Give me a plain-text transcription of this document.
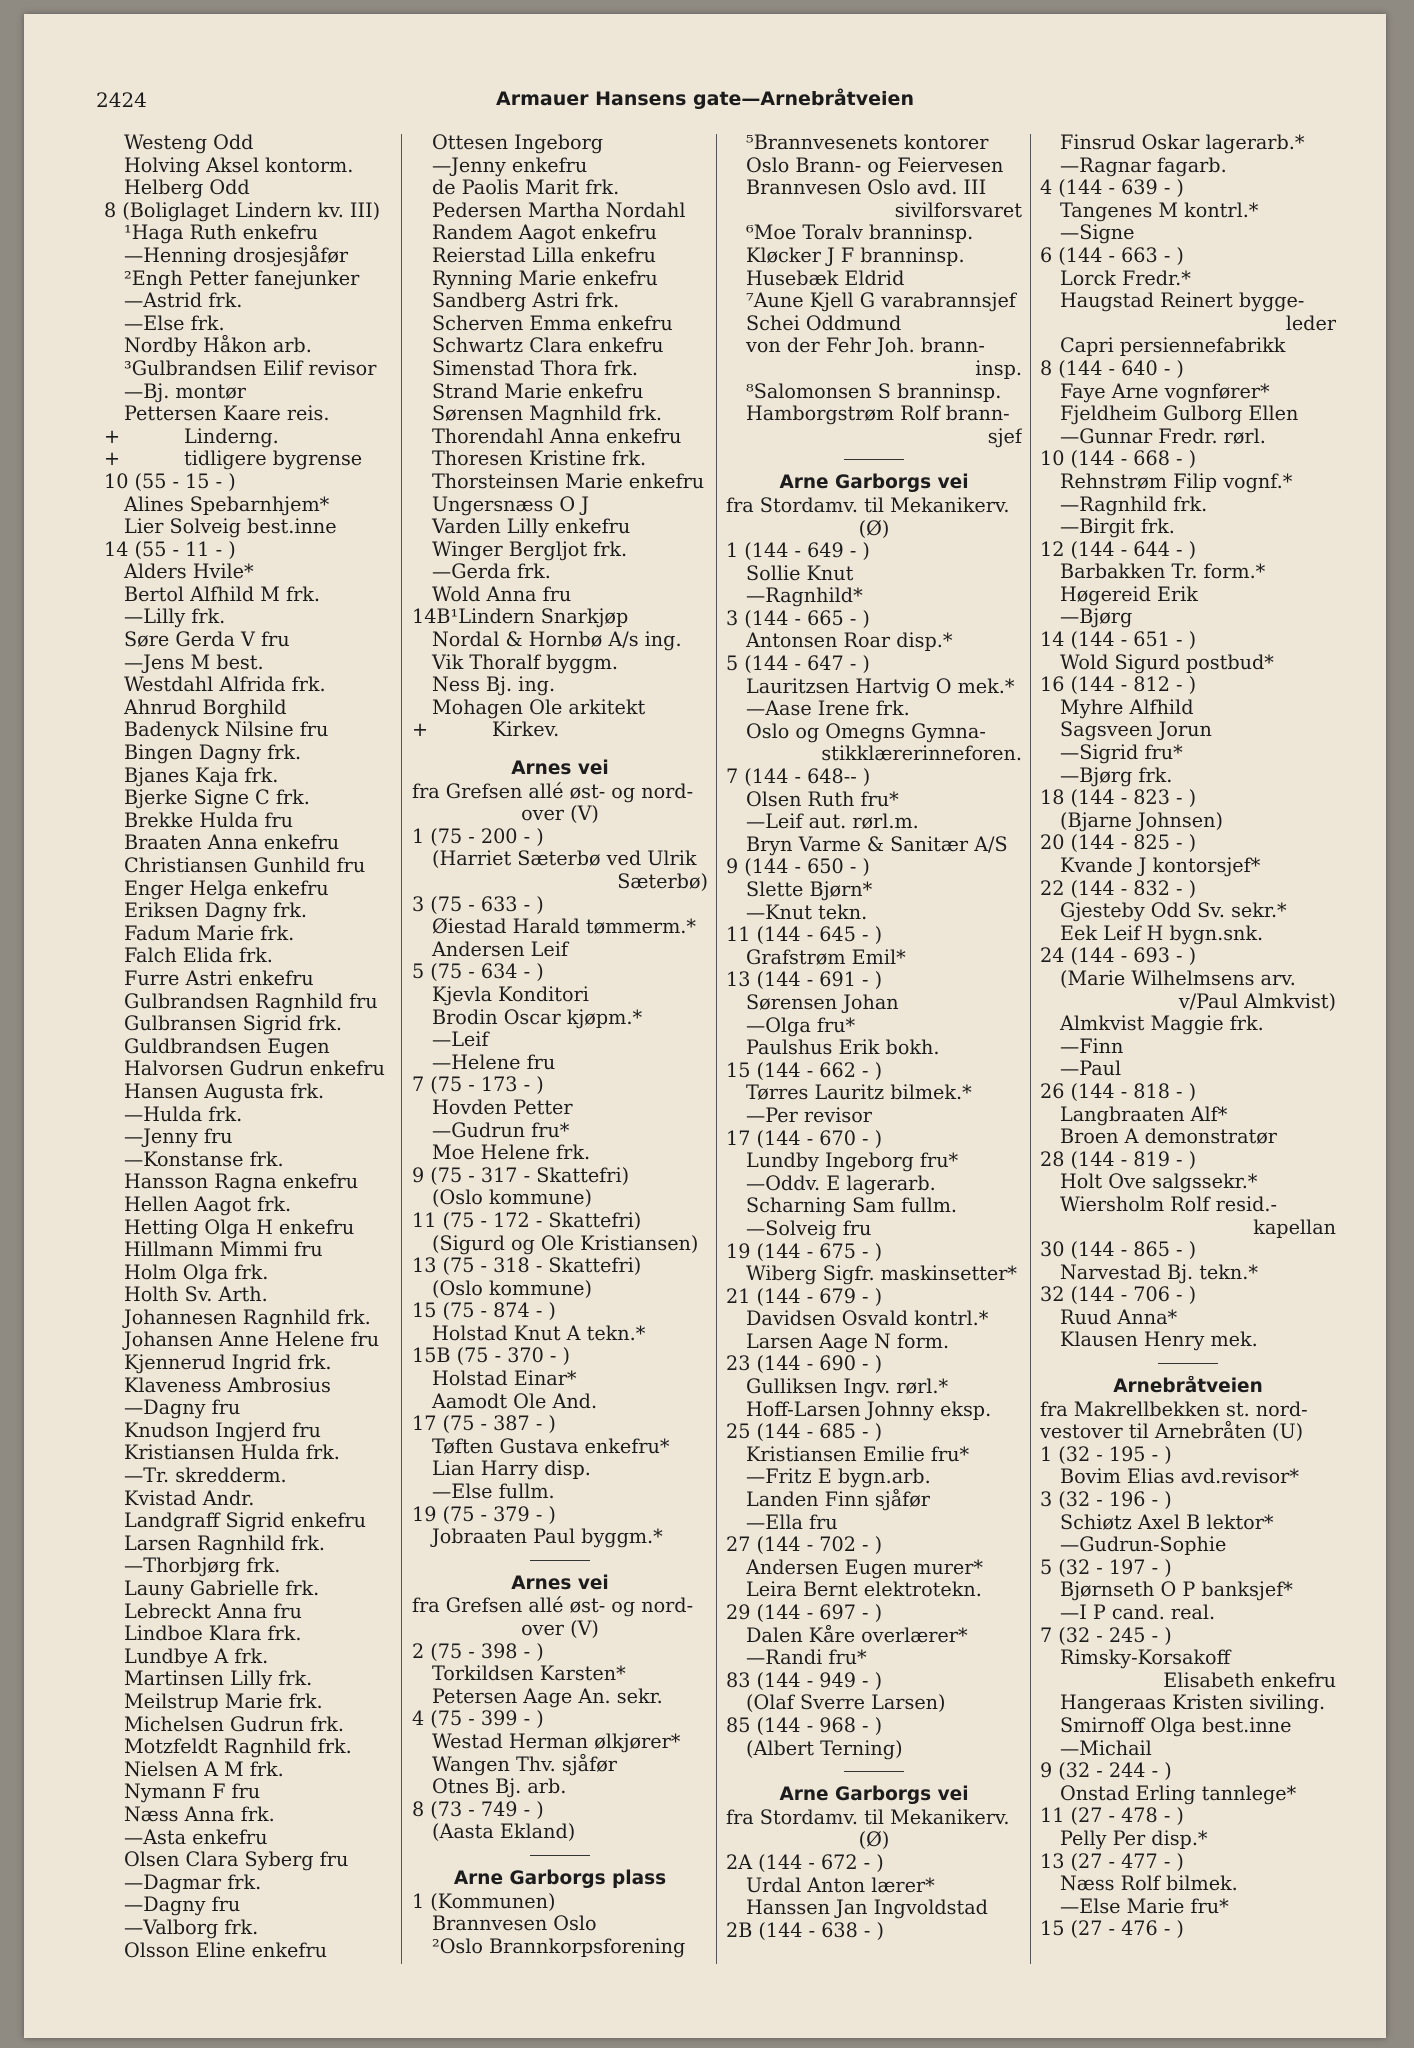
2424	Armauer Hansens gate—Arnebråtveien
Westeng Odd
Holving Aksel kontorm.
Helberg Odd
8 (Boliglaget Lindern kv. III)
¹Haga Ruth enkefru
—Henning drosjesjåfør
²Engh Petter fanejunker
—Astrid frk.
—Else frk.
Nordby Håkon arb.
³Gulbrandsen Eilif revisor
—Bj. montør
Pettersen Kaare reis.
+	Linderng.
+	tidligere bygrense
10 (55 - 15 - )
Alines Spebarnhjem*
Lier Solveig best.inne
14 (55 - 11 - )
Alders Hvile*
Bertol Alfhild M frk.
—Lilly frk.
Søre Gerda V fru
—Jens M best.
Westdahl Alfrida frk.
Ahnrud Borghild
Badenyck Nilsine fru
Bingen Dagny frk.
Bjanes Kaja frk.
Bjerke Signe C frk.
Brekke Hulda fru
Braaten Anna enkefru
Christiansen Gunhild fru
Enger Helga enkefru
Eriksen Dagny frk.
Fadum Marie frk.
Falch Elida frk.
Furre Astri enkefru
Gulbrandsen Ragnhild fru
Gulbransen Sigrid frk.
Guldbrandsen Eugen
Halvorsen Gudrun enkefru
Hansen Augusta frk.
—Hulda frk.
—Jenny fru
—Konstanse frk.
Hansson Ragna enkefru
Hellen Aagot frk.
Hetting Olga H enkefru
Hillmann Mimmi fru
Holm Olga frk.
Holth Sv. Arth.
Johannesen Ragnhild frk.
Johansen Anne Helene fru
Kjennerud Ingrid frk.
Klaveness Ambrosius
—Dagny fru
Knudson Ingjerd fru
Kristiansen Hulda frk.
—Tr. skredderm.
Kvistad Andr.
Landgraff Sigrid enkefru
Larsen Ragnhild frk.
—Thorbjørg frk.
Launy Gabrielle frk.
Lebreckt Anna fru
Lindboe Klara frk.
Lundbye A frk.
Martinsen Lilly frk.
Meilstrup Marie frk.
Michelsen Gudrun frk.
Motzfeldt Ragnhild frk.
Nielsen A M frk.
Nymann F fru
Næss Anna frk.
—Asta enkefru
Olsen Clara Syberg fru
—Dagmar frk.
—Dagny fru
—Valborg frk.
Olsson Eline enkefru
Ottesen Ingeborg
—Jenny enkefru
de Paolis Marit frk.
Pedersen Martha Nordahl
Randem Aagot enkefru
Reierstad Lilla enkefru
Rynning Marie enkefru
Sandberg Astri frk.
Scherven Emma enkefru
Schwartz Clara enkefru
Simenstad Thora frk.
Strand Marie enkefru
Sørensen Magnhild frk.
Thorendahl Anna enkefru
Thoresen Kristine frk.
Thorsteinsen Marie enkefru
Ungersnæss O J
Varden Lilly enkefru
Winger Bergljot frk.
—Gerda frk.
Wold Anna fru
14B¹Lindern Snarkjøp
Nordal & Hornbø A/s ing.
Vik Thoralf byggm.
Ness Bj. ing.
Mohagen Ole arkitekt
+	Kirkev.
Arnes vei
fra Grefsen allé øst- og nord-
over (V)
1 (75 - 200 - )
(Harriet Sæterbø ved Ulrik
Sæterbø)
3 (75 - 633 - )
Øiestad Harald tømmerm.*
Andersen Leif
5 (75 - 634 - )
Kjevla Konditori
Brodin Oscar kjøpm.*
—Leif
—Helene fru
7 (75 - 173 - )
Hovden Petter
—Gudrun fru*
Moe Helene frk.
9 (75 - 317 - Skattefri)
(Oslo kommune)
11 (75 - 172 - Skattefri)
(Sigurd og Ole Kristiansen)
13 (75 - 318 - Skattefri)
(Oslo kommune)
15 (75 - 874 - )
Holstad Knut A tekn.*
15B (75 - 370 - )
Holstad Einar*
Aamodt Ole And.
17 (75 - 387 - )
Tøften Gustava enkefru*
Lian Harry disp.
—Else fullm.
19 (75 - 379 - )
Jobraaten Paul byggm.*
Arnes vei
fra Grefsen allé øst- og nord-
over (V)
2 (75 - 398 - )
Torkildsen Karsten*
Petersen Aage An. sekr.
4 (75 - 399 - )
Westad Herman ølkjører*
Wangen Thv. sjåfør
Otnes Bj. arb.
8 (73 - 749 - )
(Aasta Ekland)
Arne Garborgs plass
1 (Kommunen)
Brannvesen Oslo
²Oslo Brannkorpsforening
⁵Brannvesenets kontorer
Oslo Brann- og Feiervesen
Brannvesen Oslo avd. III
sivilforsvaret
⁶Moe Toralv branninsp.
Kløcker J F branninsp.
Husebæk Eldrid
⁷Aune Kjell G varabrannsjef
Schei Oddmund
von der Fehr Joh. brann-
insp.
⁸Salomonsen S branninsp.
Hamborgstrøm Rolf brann-
sjef
Arne Garborgs vei
fra Stordamv. til Mekanikerv.
(Ø)
1 (144 - 649 - )
Sollie Knut
—Ragnhild*
3 (144 - 665 - )
Antonsen Roar disp.*
5 (144 - 647 - )
Lauritzsen Hartvig O mek.*
—Aase Irene frk.
Oslo og Omegns Gymna-
stikklærerinneforen.
7 (144 - 648-- )
Olsen Ruth fru*
—Leif aut. rørl.m.
Bryn Varme & Sanitær A/S
9 (144 - 650 - )
Slette Bjørn*
—Knut tekn.
11 (144 - 645 - )
Grafstrøm Emil*
13 (144 - 691 - )
Sørensen Johan
—Olga fru*
Paulshus Erik bokh.
15 (144 - 662 - )
Tørres Lauritz bilmek.*
—Per revisor
17 (144 - 670 - )
Lundby Ingeborg fru*
—Oddv. E lagerarb.
Scharning Sam fullm.
—Solveig fru
19 (144 - 675 - )
Wiberg Sigfr. maskinsetter*
21 (144 - 679 - )
Davidsen Osvald kontrl.*
Larsen Aage N form.
23 (144 - 690 - )
Gulliksen Ingv. rørl.*
Hoff-Larsen Johnny eksp.
25 (144 - 685 - )
Kristiansen Emilie fru*
—Fritz E bygn.arb.
Landen Finn sjåfør
—Ella fru
27 (144 - 702 - )
Andersen Eugen murer*
Leira Bernt elektrotekn.
29 (144 - 697 - )
Dalen Kåre overlærer*
—Randi fru*
83 (144 - 949 - )
(Olaf Sverre Larsen)
85 (144 - 968 - )
(Albert Terning)
Arne Garborgs vei
fra Stordamv. til Mekanikerv.
(Ø)
2A (144 - 672 - )
Urdal Anton lærer*
Hanssen Jan Ingvoldstad
2B (144 - 638 - )
Finsrud Oskar lagerarb.*
—Ragnar fagarb.
4 (144 - 639 - )
Tangenes M kontrl.*
—Signe
6 (144 - 663 - )
Lorck Fredr.*
Haugstad Reinert bygge-
leder
Capri persiennefabrikk
8 (144 - 640 - )
Faye Arne vognfører*
Fjeldheim Gulborg Ellen
—Gunnar Fredr. rørl.
10 (144 - 668 - )
Rehnstrøm Filip vognf.*
—Ragnhild frk.
—Birgit frk.
12 (144 - 644 - )
Barbakken Tr. form.*
Høgereid Erik
—Bjørg
14 (144 - 651 - )
Wold Sigurd postbud*
16 (144 - 812 - )
Myhre Alfhild
Sagsveen Jorun
—Sigrid fru*
—Bjørg frk.
18 (144 - 823 - )
(Bjarne Johnsen)
20 (144 - 825 - )
Kvande J kontorsjef*
22 (144 - 832 - )
Gjesteby Odd Sv. sekr.*
Eek Leif H bygn.snk.
24 (144 - 693 - )
(Marie Wilhelmsens arv.
v/Paul Almkvist)
Almkvist Maggie frk.
—Finn
—Paul
26 (144 - 818 - )
Langbraaten Alf*
Broen A demonstratør
28 (144 - 819 - )
Holt Ove salgssekr.*
Wiersholm Rolf resid.-
kapellan
30 (144 - 865 - )
Narvestad Bj. tekn.*
32 (144 - 706 - )
Ruud Anna*
Klausen Henry mek.
Arnebråtveien
fra Makrellbekken st. nord-
vestover til Arnebråten (U)
1 (32 - 195 - )
Bovim Elias avd.revisor*
3 (32 - 196 - )
Schiøtz Axel B lektor*
—Gudrun-Sophie
5 (32 - 197 - )
Bjørnseth O P banksjef*
—I P cand. real.
7 (32 - 245 - )
Rimsky-Korsakoff
Elisabeth enkefru
Hangeraas Kristen siviling.
Smirnoff Olga best.inne
—Michail
9 (32 - 244 - )
Onstad Erling tannlege*
11 (27 - 478 - )
Pelly Per disp.*
13 (27 - 477 - )
Næss Rolf bilmek.
—Else Marie fru*
15 (27 - 476 - )
